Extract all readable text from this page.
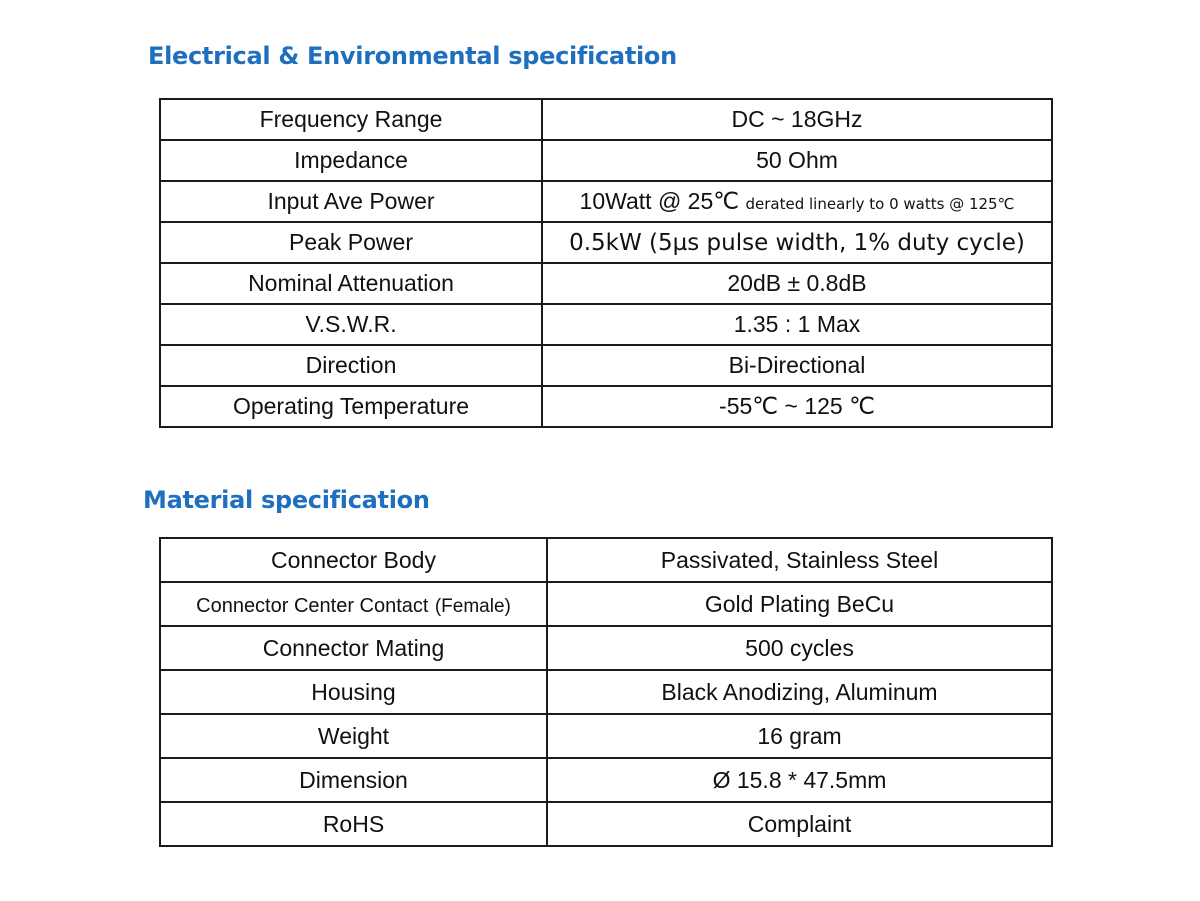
Electrical & Environmental specification
Frequency Range	DC ~ 18GHz
Impedance	50 Ohm
Input Ave Power	10Watt @ 25℃ derated linearly to 0 watts @ 125℃
Peak Power	0.5kW (5µs pulse width, 1% duty cycle)
Nominal Attenuation	20dB ± 0.8dB
V.S.W.R.	1.35 : 1 Max
Direction	Bi-Directional
Operating Temperature	-55℃ ~ 125 ℃
Material specification
Connector Body	Passivated, Stainless Steel
Connector Center Contact (Female)	Gold Plating BeCu
Connector Mating	500 cycles
Housing	Black Anodizing, Aluminum
Weight	16 gram
Dimension	Ø 15.8 * 47.5mm
RoHS	Complaint
